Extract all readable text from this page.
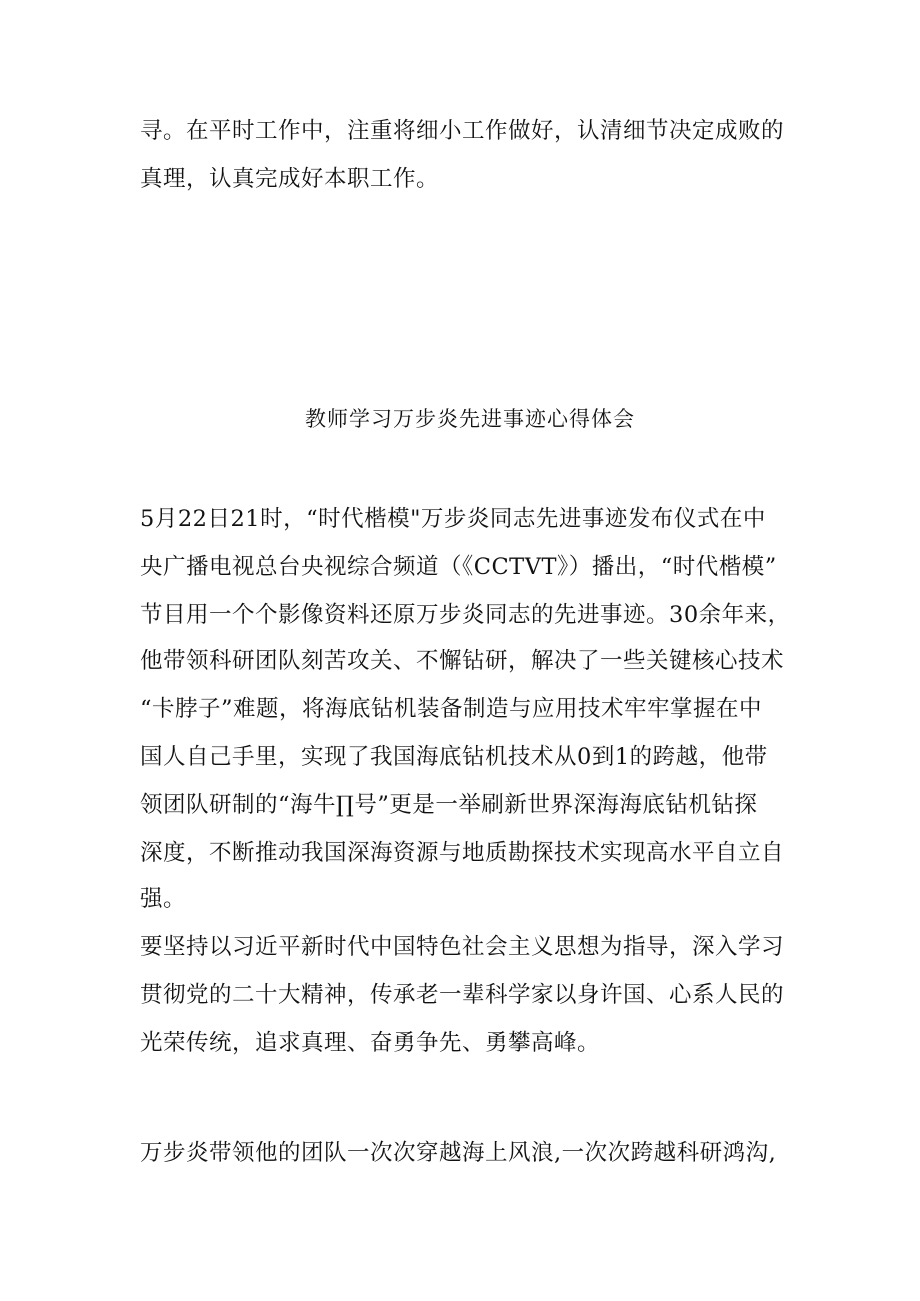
寻。在平时工作中，注重将细小工作做好，认清细节决定成败的
真理，认真完成好本职工作。
教师学习万步炎先进事迹心得体会
5月22日21时，“时代楷模"万步炎同志先进事迹发布仪式在中
央广播电视总台央视综合频道（《CCTVT》）播出，“时代楷模”
节目用一个个影像资料还原万步炎同志的先进事迹。30余年来，
他带领科研团队刻苦攻关、不懈钻研，解决了一些关键核心技术
“卡脖子”难题，将海底钻机装备制造与应用技术牢牢掌握在中
国人自己手里，实现了我国海底钻机技术从0到1的跨越，他带
领团队研制的“海牛∏号”更是一举刷新世界深海海底钻机钻探
深度，不断推动我国深海资源与地质勘探技术实现高水平自立自
强。
要坚持以习近平新时代中国特色社会主义思想为指导，深入学习
贯彻党的二十大精神，传承老一辈科学家以身许国、心系人民的
光荣传统，追求真理、奋勇争先、勇攀高峰。
万步炎带领他的团队一次次穿越海上风浪,一次次跨越科研鸿沟,
